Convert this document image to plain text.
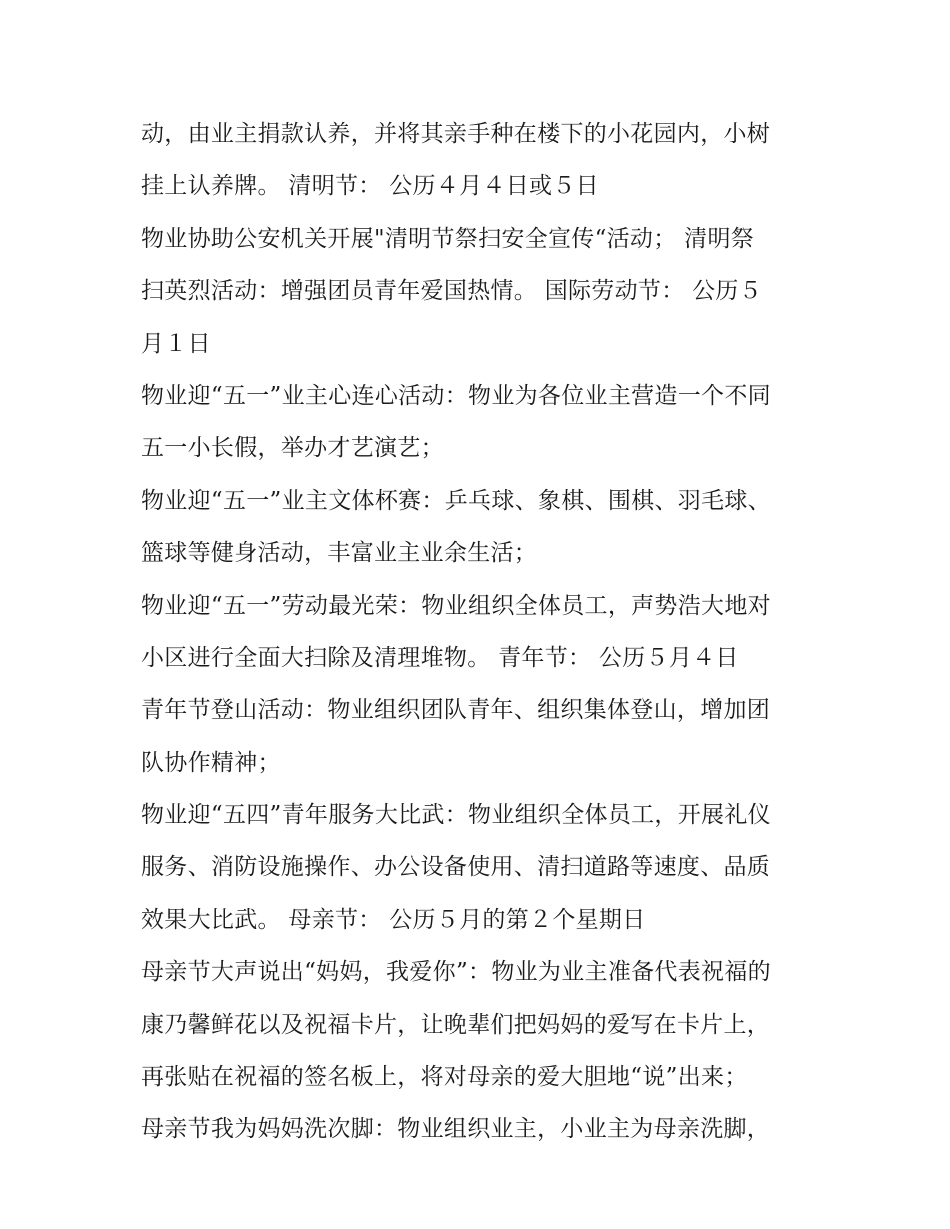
动，由业主捐款认养，并将其亲手种在楼下的小花园内，小树
挂上认养牌。 清明节： 公历４月４日或５日
物业协助公安机关开展"清明节祭扫安全宣传“活动； 清明祭
扫英烈活动：增强团员青年爱国热情。 国际劳动节： 公历５
月１日
物业迎“五一”业主心连心活动：物业为各位业主营造一个不同
五一小长假，举办才艺演艺；
物业迎“五一”业主文体杯赛：乒乓球、象棋、围棋、羽毛球、
篮球等健身活动，丰富业主业余生活；
物业迎“五一”劳动最光荣：物业组织全体员工，声势浩大地对
小区进行全面大扫除及清理堆物。 青年节： 公历５月４日
青年节登山活动：物业组织团队青年、组织集体登山，增加团
队协作精神；
物业迎“五四”青年服务大比武：物业组织全体员工，开展礼仪
服务、消防设施操作、办公设备使用、清扫道路等速度、品质
效果大比武。 母亲节： 公历５月的第２个星期日
母亲节大声说出“妈妈，我爱你”：物业为业主准备代表祝福的
康乃馨鲜花以及祝福卡片，让晚辈们把妈妈的爱写在卡片上，
再张贴在祝福的签名板上，将对母亲的爱大胆地“说”出来；
母亲节我为妈妈洗次脚：物业组织业主，小业主为母亲洗脚，
